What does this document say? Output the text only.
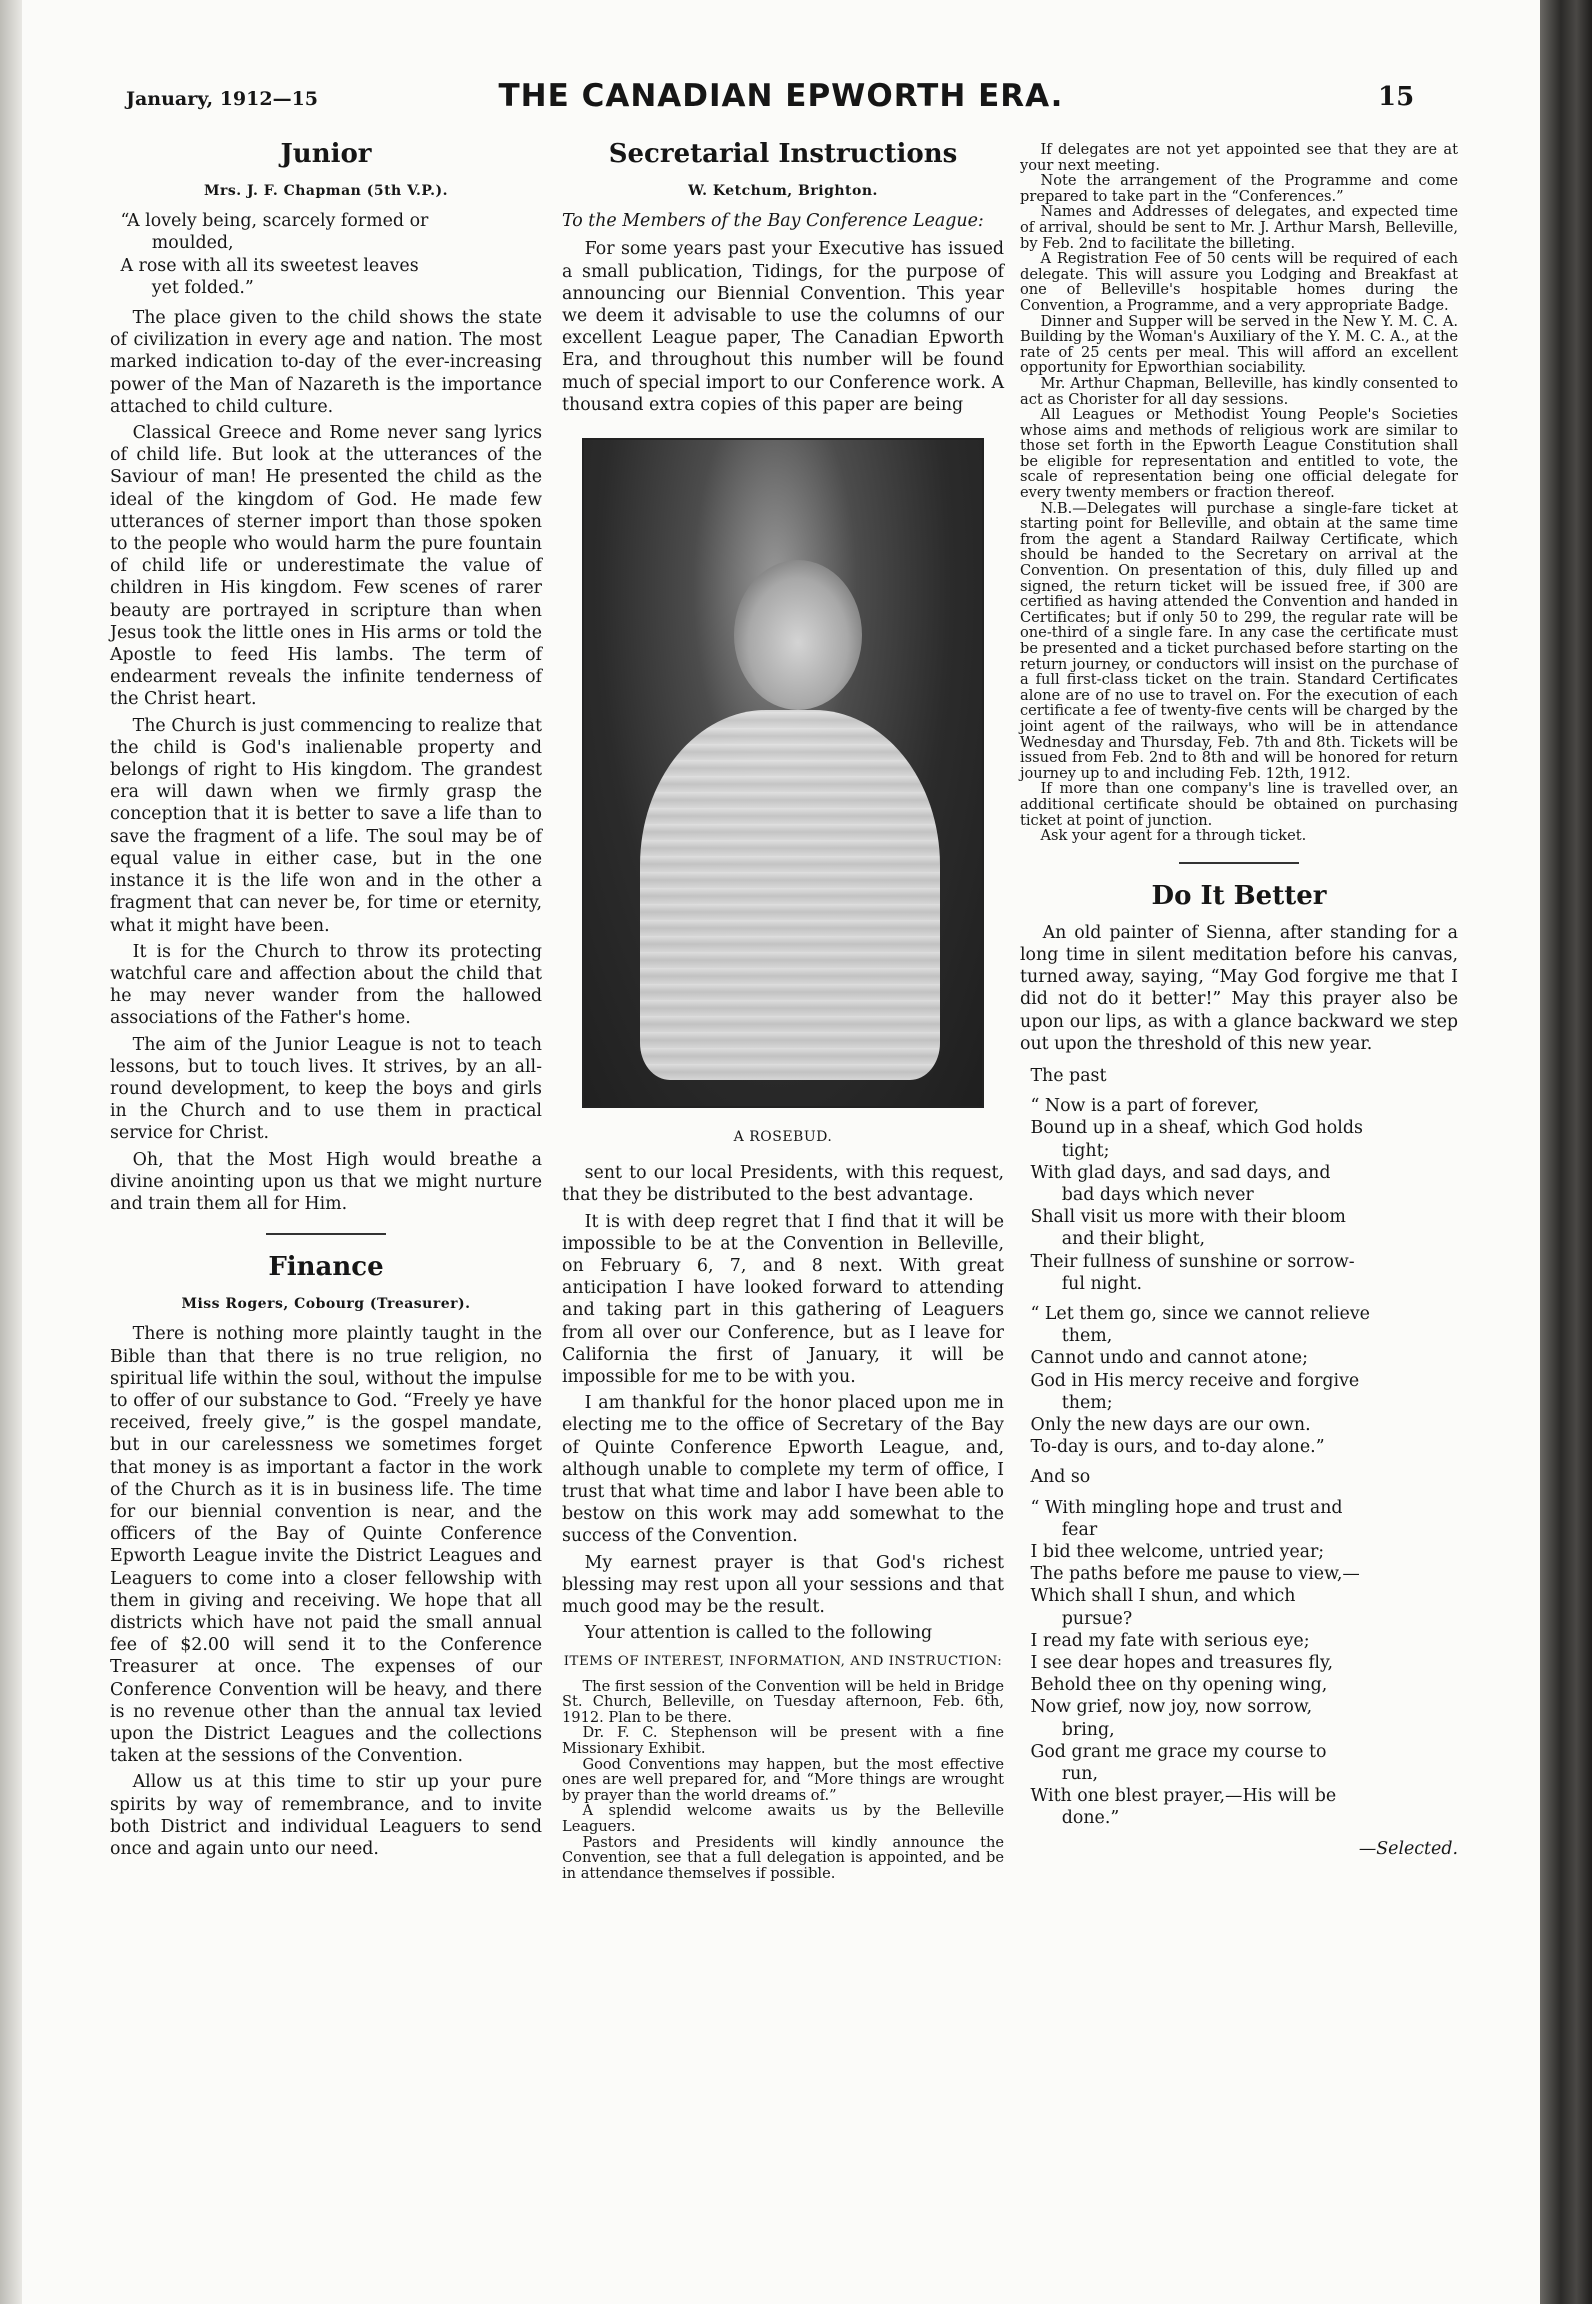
January, 1912—15	THE CANADIAN EPWORTH ERA.	15
Junior
Mrs. J. F. Chapman (5th V.P.).
“A lovely being, scarcely formed or
moulded,
A rose with all its sweetest leaves
yet folded.”

The place given to the child shows the state of civilization in every age and nation. The most marked indication to-day of the ever-increasing power of the Man of Nazareth is the importance attached to child culture.

Classical Greece and Rome never sang lyrics of child life. But look at the utterances of the Saviour of man! He presented the child as the ideal of the kingdom of God. He made few utterances of sterner import than those spoken to the people who would harm the pure fountain of child life or underestimate the value of children in His kingdom. Few scenes of rarer beauty are portrayed in scripture than when Jesus took the little ones in His arms or told the Apostle to feed His lambs. The term of endearment reveals the infinite tenderness of the Christ heart.

The Church is just commencing to realize that the child is God's inalienable property and belongs of right to His kingdom. The grandest era will dawn when we firmly grasp the conception that it is better to save a life than to save the fragment of a life. The soul may be of equal value in either case, but in the one instance it is the life won and in the other a fragment that can never be, for time or eternity, what it might have been.

It is for the Church to throw its protecting watchful care and affection about the child that he may never wander from the hallowed associations of the Father's home.

The aim of the Junior League is not to teach lessons, but to touch lives. It strives, by an all-round development, to keep the boys and girls in the Church and to use them in practical service for Christ.

Oh, that the Most High would breathe a divine anointing upon us that we might nurture and train them all for Him.

Finance
Miss Rogers, Cobourg (Treasurer).

There is nothing more plaintly taught in the Bible than that there is no true religion, no spiritual life within the soul, without the impulse to offer of our substance to God. “Freely ye have received, freely give,” is the gospel mandate, but in our carelessness we sometimes forget that money is as important a factor in the work of the Church as it is in business life. The time for our biennial convention is near, and the officers of the Bay of Quinte Conference Epworth League invite the District Leagues and Leaguers to come into a closer fellowship with them in giving and receiving. We hope that all districts which have not paid the small annual fee of $2.00 will send it to the Conference Treasurer at once. The expenses of our Conference Convention will be heavy, and there is no revenue other than the annual tax levied upon the District Leagues and the collections taken at the sessions of the Convention.

Allow us at this time to stir up your pure spirits by way of remembrance, and to invite both District and individual Leaguers to send once and again unto our need.

Secretarial Instructions
W. Ketchum, Brighton.
To the Members of the Bay Conference League:

For some years past your Executive has issued a small publication, Tidings, for the purpose of announcing our Biennial Convention. This year we deem it advisable to use the columns of our excellent League paper, The Canadian Epworth Era, and throughout this number will be found much of special import to our Conference work. A thousand extra copies of this paper are being

A ROSEBUD.

sent to our local Presidents, with this request, that they be distributed to the best advantage.

It is with deep regret that I find that it will be impossible to be at the Convention in Belleville, on February 6, 7, and 8 next. With great anticipation I have looked forward to attending and taking part in this gathering of Leaguers from all over our Conference, but as I leave for California the first of January, it will be impossible for me to be with you.

I am thankful for the honor placed upon me in electing me to the office of Secretary of the Bay of Quinte Conference Epworth League, and, although unable to complete my term of office, I trust that what time and labor I have been able to bestow on this work may add somewhat to the success of the Convention.

My earnest prayer is that God's richest blessing may rest upon all your sessions and that much good may be the result.

Your attention is called to the following

ITEMS OF INTEREST, INFORMATION, AND INSTRUCTION:

The first session of the Convention will be held in Bridge St. Church, Belleville, on Tuesday afternoon, Feb. 6th, 1912. Plan to be there.

Dr. F. C. Stephenson will be present with a fine Missionary Exhibit.

Good Conventions may happen, but the most effective ones are well prepared for, and “More things are wrought by prayer than the world dreams of.”

A splendid welcome awaits us by the Belleville Leaguers.

Pastors and Presidents will kindly announce the Convention, see that a full delegation is appointed, and be in attendance themselves if possible.

If delegates are not yet appointed see that they are at your next meeting.

Note the arrangement of the Programme and come prepared to take part in the “Conferences.”

Names and Addresses of delegates, and expected time of arrival, should be sent to Mr. J. Arthur Marsh, Belleville, by Feb. 2nd to facilitate the billeting.

A Registration Fee of 50 cents will be required of each delegate. This will assure you Lodging and Breakfast at one of Belleville's hospitable homes during the Convention, a Programme, and a very appropriate Badge.

Dinner and Supper will be served in the New Y. M. C. A. Building by the Woman's Auxiliary of the Y. M. C. A., at the rate of 25 cents per meal. This will afford an excellent opportunity for Epworthian sociability.

Mr. Arthur Chapman, Belleville, has kindly consented to act as Chorister for all day sessions.

All Leagues or Methodist Young People's Societies whose aims and methods of religious work are similar to those set forth in the Epworth League Constitution shall be eligible for representation and entitled to vote, the scale of representation being one official delegate for every twenty members or fraction thereof.

N.B.—Delegates will purchase a single-fare ticket at starting point for Belleville, and obtain at the same time from the agent a Standard Railway Certificate, which should be handed to the Secretary on arrival at the Convention. On presentation of this, duly filled up and signed, the return ticket will be issued free, if 300 are certified as having attended the Convention and handed in Certificates; but if only 50 to 299, the regular rate will be one-third of a single fare. In any case the certificate must be presented and a ticket purchased before starting on the return journey, or conductors will insist on the purchase of a full first-class ticket on the train. Standard Certificates alone are of no use to travel on. For the execution of each certificate a fee of twenty-five cents will be charged by the joint agent of the railways, who will be in attendance Wednesday and Thursday, Feb. 7th and 8th. Tickets will be issued from Feb. 2nd to 8th and will be honored for return journey up to and including Feb. 12th, 1912.

If more than one company's line is travelled over, an additional certificate should be obtained on purchasing ticket at point of junction.

Ask your agent for a through ticket.

Do It Better

An old painter of Sienna, after standing for a long time in silent meditation before his canvas, turned away, saying, “May God forgive me that I did not do it better!” May this prayer also be upon our lips, as with a glance backward we step out upon the threshold of this new year.

The past
“ Now is a part of forever,
Bound up in a sheaf, which God holds
tight;
With glad days, and sad days, and
bad days which never
Shall visit us more with their bloom
and their blight,
Their fullness of sunshine or sorrow-
ful night.
“ Let them go, since we cannot relieve
them,
Cannot undo and cannot atone;
God in His mercy receive and forgive
them;
Only the new days are our own.
To-day is ours, and to-day alone.”
And so
“ With mingling hope and trust and
fear
I bid thee welcome, untried year;
The paths before me pause to view,—
Which shall I shun, and which
pursue?
I read my fate with serious eye;
I see dear hopes and treasures fly,
Behold thee on thy opening wing,
Now grief, now joy, now sorrow,
bring,
God grant me grace my course to
run,
With one blest prayer,—His will be
done.”
—Selected.
